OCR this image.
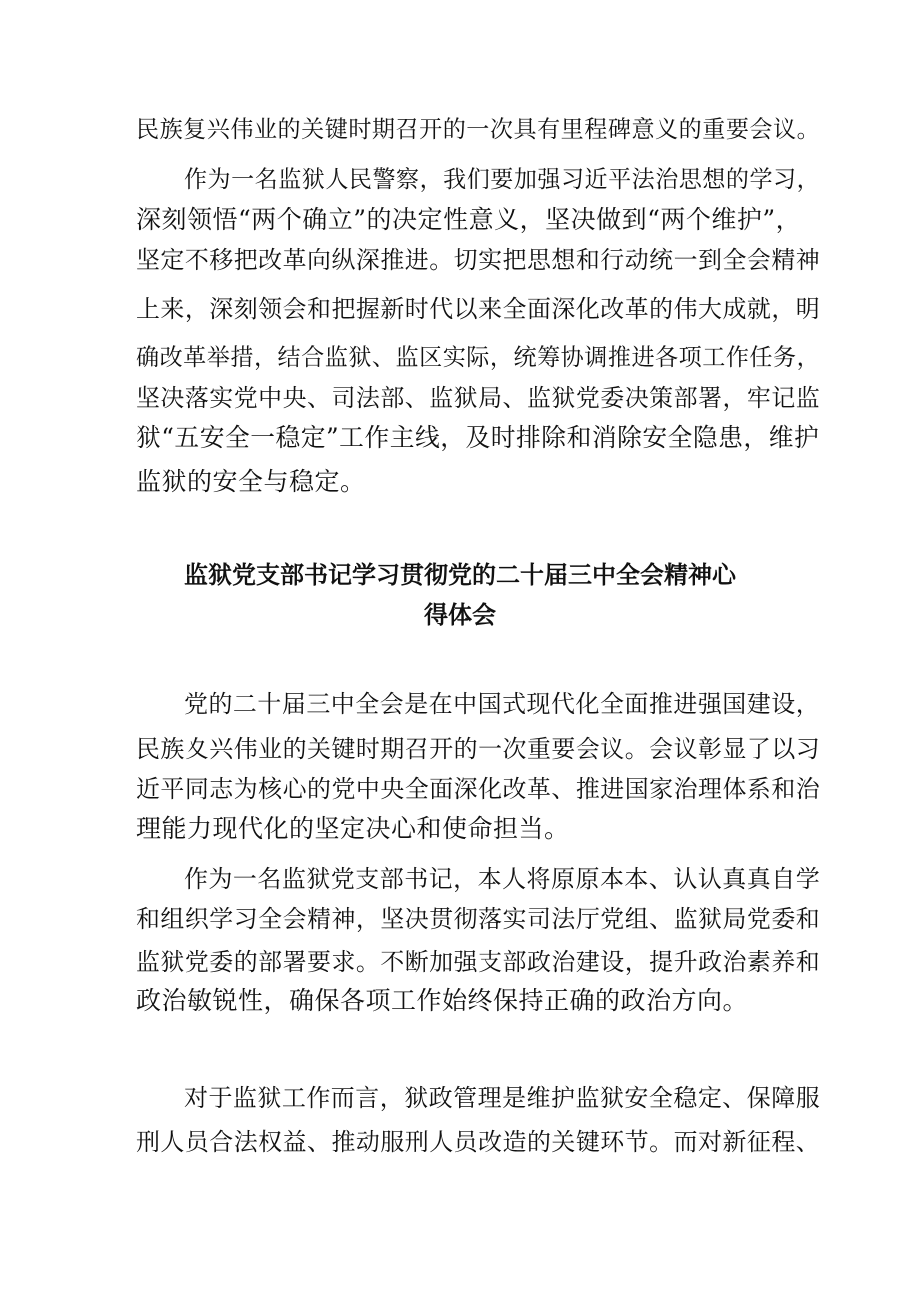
民族复兴伟业的关键时期召开的一次具有里程碑意义的重要会议。
作为一名监狱人民警察，我们要加强习近平法治思想的学习，
深刻领悟“两个确立”的决定性意义，坚决做到“两个维护”，
坚定不移把改革向纵深推进。切实把思想和行动统一到全会精神
上来，深刻领会和把握新时代以来全面深化改革的伟大成就，明
确改革举措，结合监狱、监区实际，统筹协调推进各项工作任务，
坚决落实党中央、司法部、监狱局、监狱党委决策部署，牢记监
狱“五安全一稳定”工作主线，及时排除和消除安全隐患，维护
监狱的安全与稳定。
监狱党支部书记学习贯彻党的二十届三中全会精神心
得体会
党的二十届三中全会是在中国式现代化全面推进强国建设，
民族夊兴伟业的关键时期召开的一次重要会议。会议彰显了以习
近平同志为核心的党中央全面深化改革、推进国家治理体系和治
理能力现代化的坚定决心和使命担当。
作为一名监狱党支部书记，本人将原原本本、认认真真自学
和组织学习全会精神，坚决贯彻落实司法厅党组、监狱局党委和
监狱党委的部署要求。不断加强支部政治建设，提升政治素养和
政治敏锐性，确保各项工作始终保持正确的政治方向。
对于监狱工作而言，狱政管理是维护监狱安全稳定、保障服
刑人员合法权益、推动服刑人员改造的关键环节。而对新征程、
